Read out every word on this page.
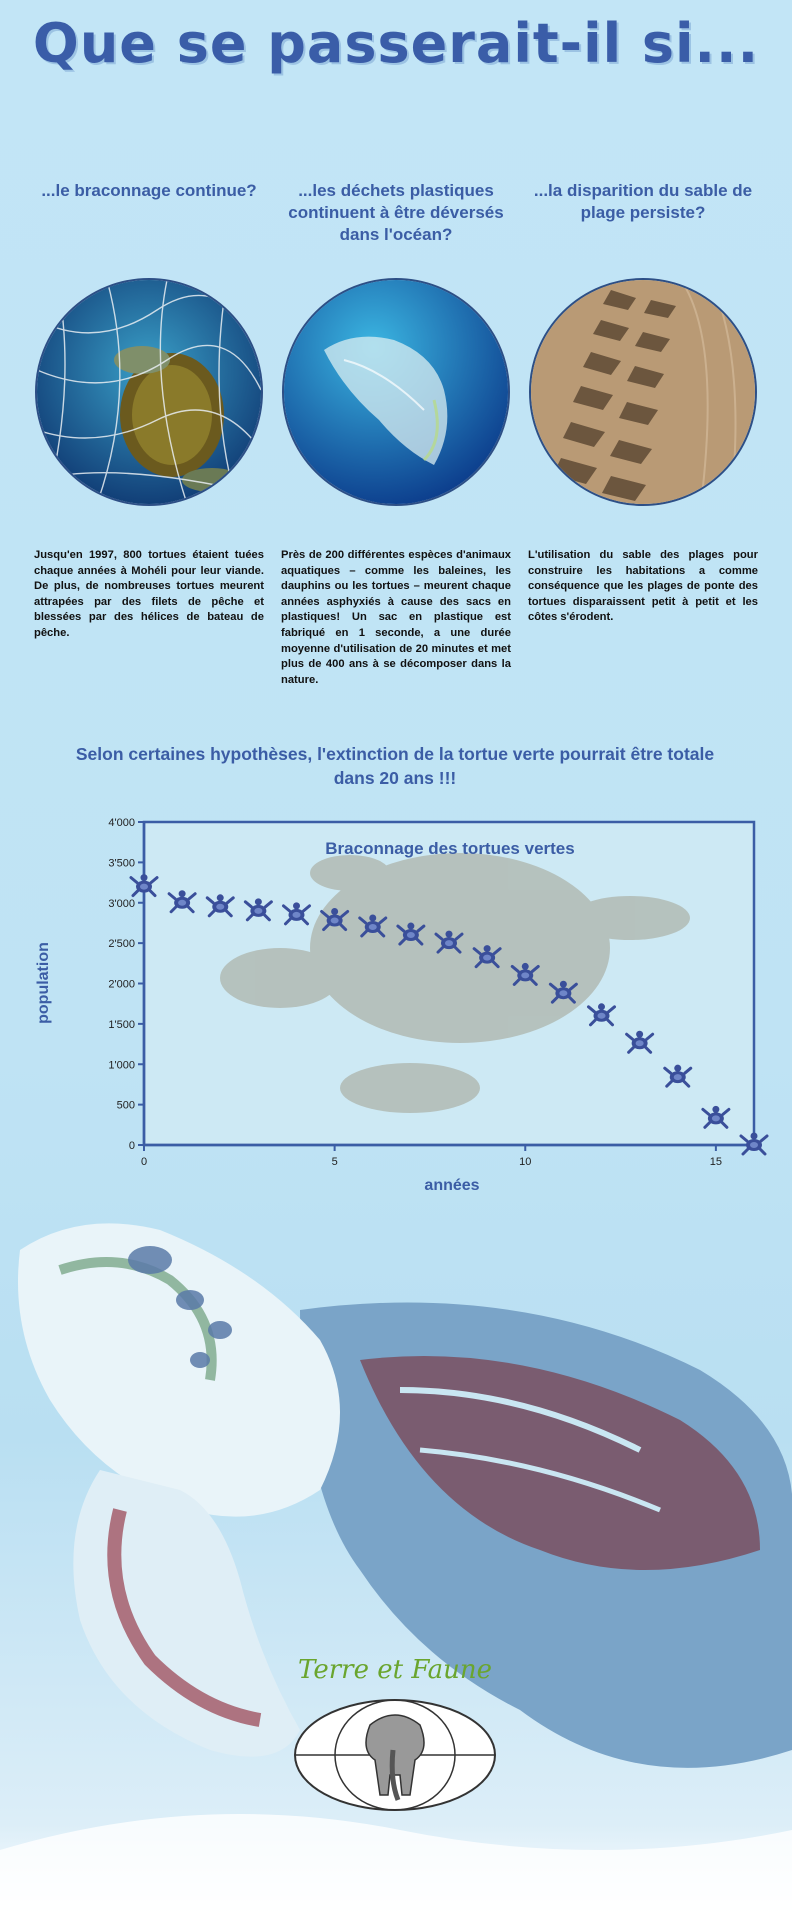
Que se passerait-il si...
...le braconnage continue?
Jusqu'en 1997, 800 tortues étaient tuées chaque années à Mohéli pour leur viande. De plus, de nombreuses tortues meurent attrapées par des filets de pêche et blessées par des hélices de bateau de pêche.
...les déchets plastiques continuent à être déversés dans l'océan?
Près de 200 différentes espèces d'animaux aquatiques – comme les baleines, les dauphins ou les tortues – meurent chaque années asphyxiés à cause des sacs en plastiques! Un sac en plastique est fabriqué en 1 seconde, a une durée moyenne d'utilisation de 20 minutes et met plus de 400 ans à se décomposer dans la nature.
...la disparition du sable de plage persiste?
L'utilisation du sable des plages pour construire les habitations a comme conséquence que les plages de ponte des tortues disparaissent petit à petit et les côtes s'érodent.
Selon certaines hypothèses, l'extinction de la tortue verte pourrait être totale dans 20 ans !!!
Braconnage des tortues vertes
0
500
1'000
1'500
2'000
2'500
3'000
3'500
4'000
0	5	10	15
années
population
Terre et Faune
